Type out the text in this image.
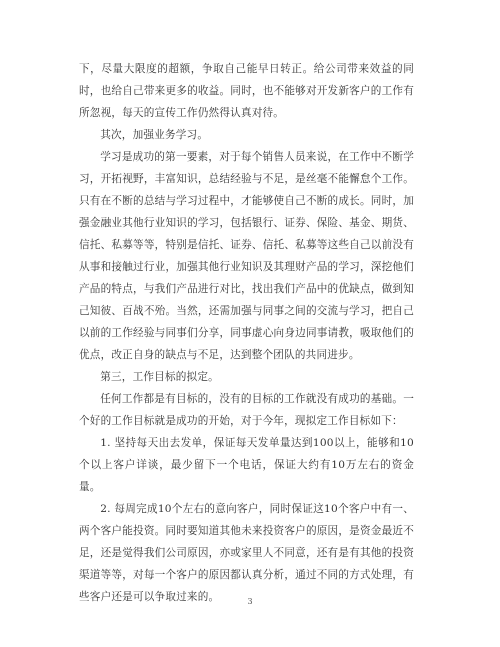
下，尽量大限度的超额，争取自己能早日转正。给公司带来效益的同时，也给自己带来更多的收益。同时，也不能够对开发新客户的工作有所忽视，每天的宣传工作仍然得认真对待。

其次，加强业务学习。

学习是成功的第一要素，对于每个销售人员来说，在工作中不断学习，开拓视野，丰富知识，总结经验与不足，是丝毫不能懈怠个工作。只有在不断的总结与学习过程中，才能够使自己不断的成长。同时，加强金融业其他行业知识的学习，包括银行、证券、保险、基金、期货、信托、私募等等，特别是信托、证券、信托、私募等这些自己以前没有从事和接触过行业，加强其他行业知识及其理财产品的学习，深挖他们产品的特点，与我们产品进行对比，找出我们产品中的优缺点，做到知己知彼、百战不殆。当然，还需加强与同事之间的交流与学习，把自己以前的工作经验与同事们分享，同事虚心向身边同事请教，吸取他们的优点，改正自身的缺点与不足，达到整个团队的共同进步。

第三，工作目标的拟定。

任何工作都是有目标的，没有的目标的工作就没有成功的基础。一个好的工作目标就是成功的开始，对于今年，现拟定工作目标如下：

1. 坚持每天出去发单，保证每天发单量达到100以上，能够和10个以上客户详谈，最少留下一个电话，保证大约有10万左右的资金量。

2. 每周完成10个左右的意向客户，同时保证这10个客户中有一、两个客户能投资。同时要知道其他未来投资客户的原因，是资金最近不足，还是觉得我们公司原因，亦或家里人不同意，还有是有其他的投资渠道等等，对每一个客户的原因都认真分析，通过不同的方式处理，有些客户还是可以争取过来的。	3
